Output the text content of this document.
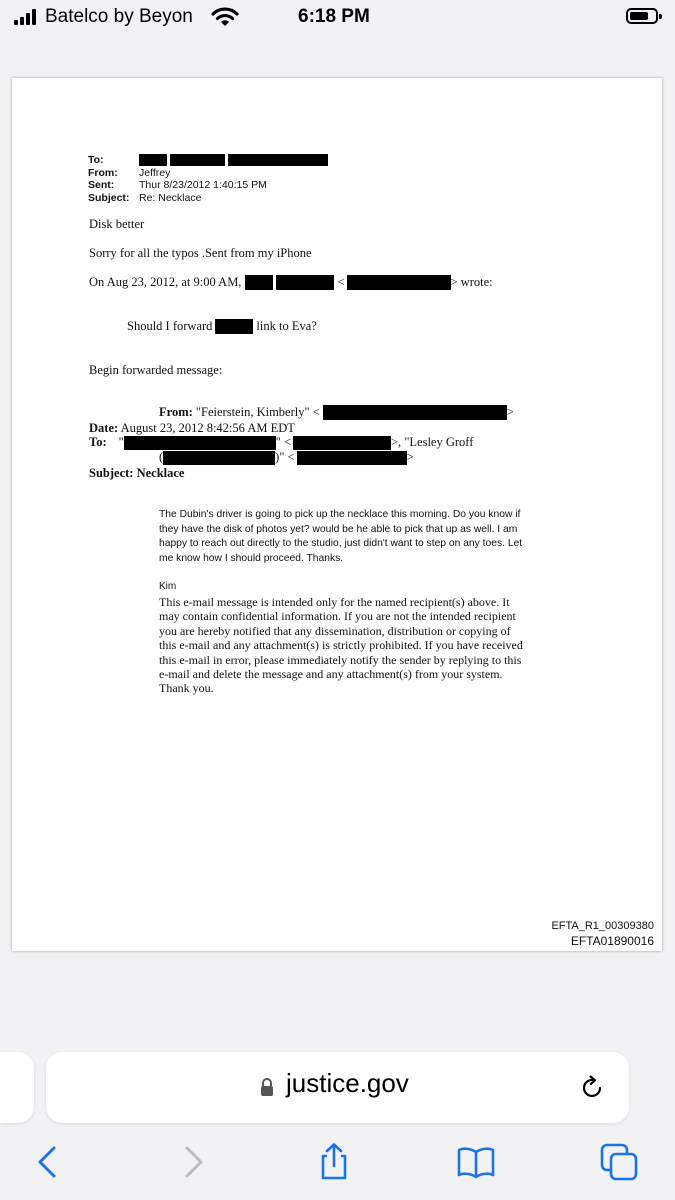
Batelco by Beyon	6:18 PM
To:
From:	Jeffrey
Sent:	Thur 8/23/2012 1:40:15 PM
Subject: Re: Necklace
Disk better
Sorry for all the typos .Sent from my iPhone
On Aug 23, 2012, at 9:00 AM,	<	> wrote:
Should I forward	link to Eva?
Begin forwarded message:
From:
"Feierstein, Kimberly" <	>
Date: August 23, 2012 8:42:56 AM EDT
To: "	" <	>, "Lesley Groff
(	)" <	>
Subject: Necklace
The Dubin's driver is going to pick up the necklace this morning. Do you know if they have the disk of photos yet? would be he able to pick that up as well. I am happy to reach out directly to the studio, just didn't want to step on any toes. Let me know how I should proceed. Thanks.
Kim
This e-mail message is intended only for the named recipient(s) above. It may contain confidential information. If you are not the intended recipient you are hereby notified that any dissemination, distribution or copying of this e-mail and any attachment(s) is strictly prohibited. If you have received this e-mail in error, please immediately notify the sender by replying to this e-mail and delete the message and any attachment(s) from your system. Thank you.
EFTA_R1_00309380
EFTA01890016
justice.gov
